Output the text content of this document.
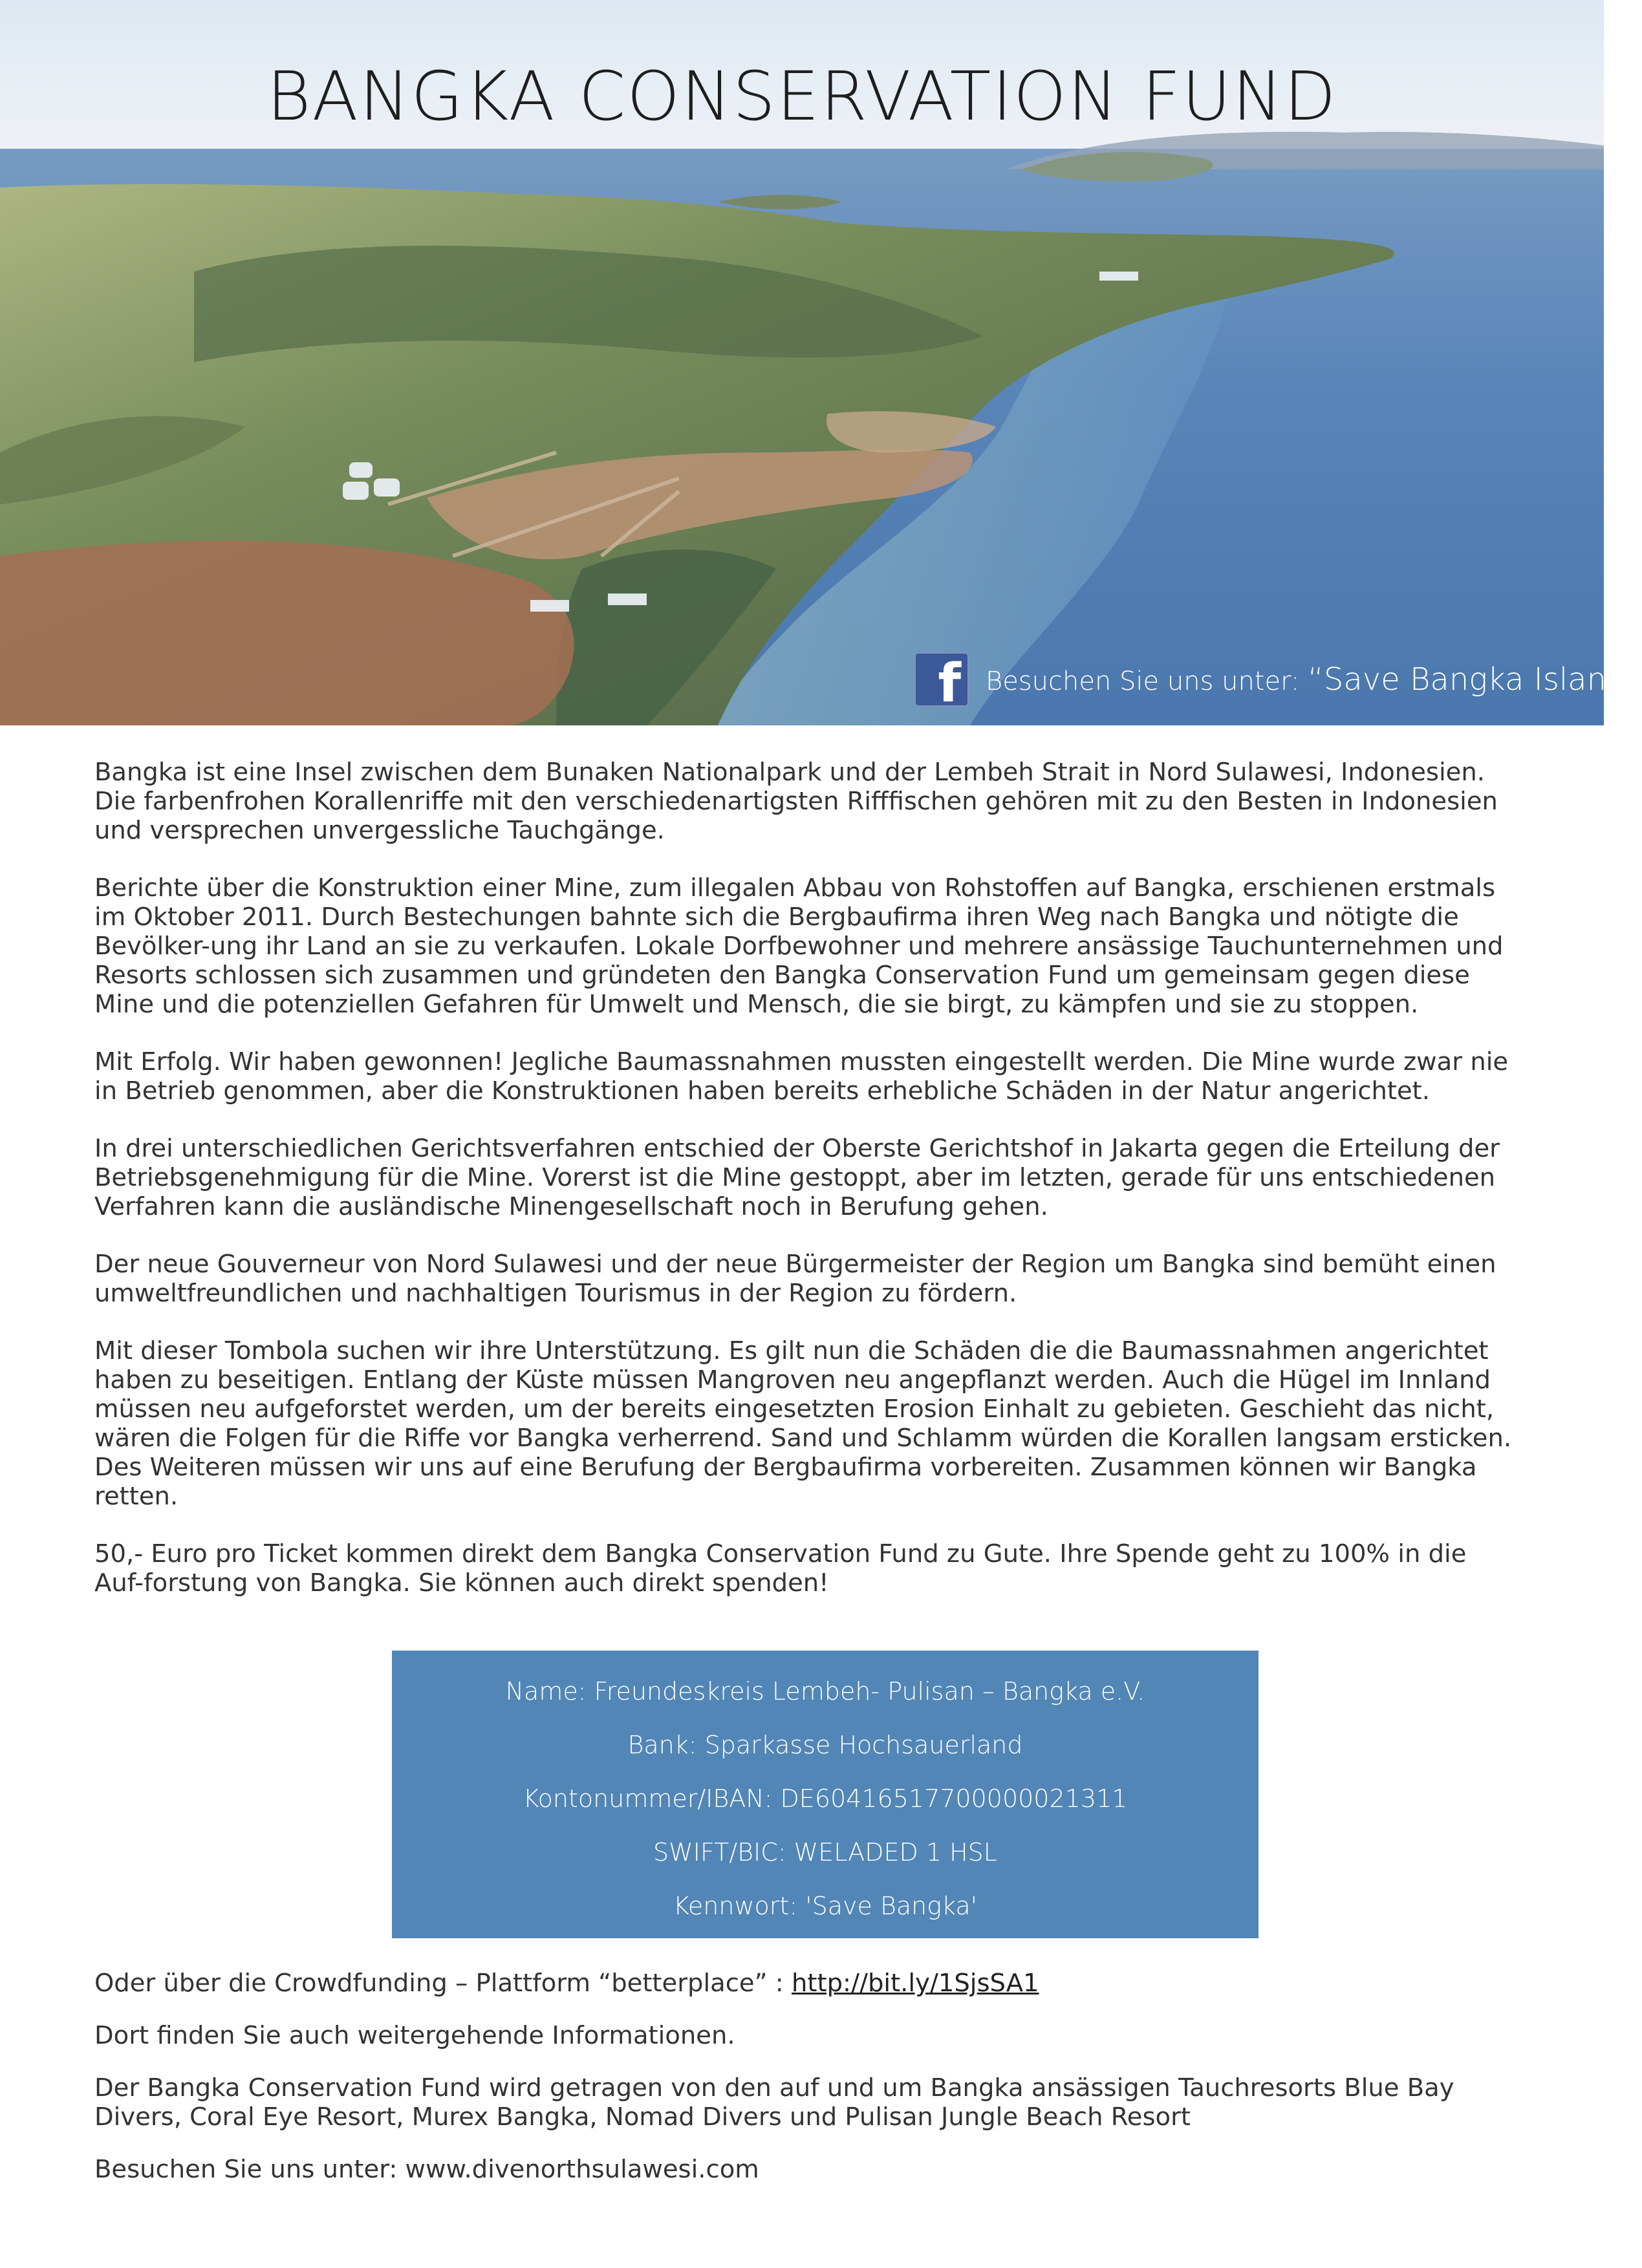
BANGKA CONSERVATION FUND
f Besuchen Sie uns unter: “Save Bangka Island”

Bangka ist eine Insel zwischen dem Bunaken Nationalpark und der Lembeh Strait in Nord Sulawesi, Indonesien. Die farbenfrohen Korallenriffe mit den verschiedenartigsten Rifffischen gehören mit zu den Besten in Indonesien und versprechen unvergessliche Tauchgänge.

Berichte über die Konstruktion einer Mine, zum illegalen Abbau von Rohstoffen auf Bangka, erschienen erstmals im Oktober 2011. Durch Bestechungen bahnte sich die Bergbaufirma ihren Weg nach Bangka und nötigte die Bevölker-ung ihr Land an sie zu verkaufen. Lokale Dorfbewohner und mehrere ansässige Tauchunternehmen und Resorts schlossen sich zusammen und gründeten den Bangka Conservation Fund um gemeinsam gegen diese Mine und die potenziellen Gefahren für Umwelt und Mensch, die sie birgt, zu kämpfen und sie zu stoppen.

Mit Erfolg. Wir haben gewonnen! Jegliche Baumassnahmen mussten eingestellt werden. Die Mine wurde zwar nie in Betrieb genommen, aber die Konstruktionen haben bereits erhebliche Schäden in der Natur angerichtet.

In drei unterschiedlichen Gerichtsverfahren entschied der Oberste Gerichtshof in Jakarta gegen die Erteilung der Betriebsgenehmigung für die Mine. Vorerst ist die Mine gestoppt, aber im letzten, gerade für uns entschiedenen Verfahren kann die ausländische Minengesellschaft noch in Berufung gehen.

Der neue Gouverneur von Nord Sulawesi und der neue Bürgermeister der Region um Bangka sind bemüht einen umweltfreundlichen und nachhaltigen Tourismus in der Region zu fördern.

Mit dieser Tombola suchen wir ihre Unterstützung. Es gilt nun die Schäden die die Baumassnahmen angerichtet haben zu beseitigen. Entlang der Küste müssen Mangroven neu angepflanzt werden. Auch die Hügel im Innland müssen neu aufgeforstet werden, um der bereits eingesetzten Erosion Einhalt zu gebieten. Geschieht das nicht, wären die Folgen für die Riffe vor Bangka verherrend. Sand und Schlamm würden die Korallen langsam ersticken. Des Weiteren müssen wir uns auf eine Berufung der Bergbaufirma vorbereiten. Zusammen können wir Bangka retten.

50,- Euro pro Ticket kommen direkt dem Bangka Conservation Fund zu Gute. Ihre Spende geht zu 100% in die Auf-forstung von Bangka. Sie können auch direkt spenden!

Name: Freundeskreis Lembeh- Pulisan – Bangka e.V.
Bank: Sparkasse Hochsauerland
Kontonummer/IBAN: DE60416517700000021311
SWIFT/BIC: WELADED 1 HSL
Kennwort: 'Save Bangka'

Oder über die Crowdfunding – Plattform “betterplace” : http://bit.ly/1SjsSA1

Dort finden Sie auch weitergehende Informationen.

Der Bangka Conservation Fund wird getragen von den auf und um Bangka ansässigen Tauchresorts Blue Bay Divers, Coral Eye Resort, Murex Bangka, Nomad Divers und Pulisan Jungle Beach Resort

Besuchen Sie uns unter: www.divenorthsulawesi.com
